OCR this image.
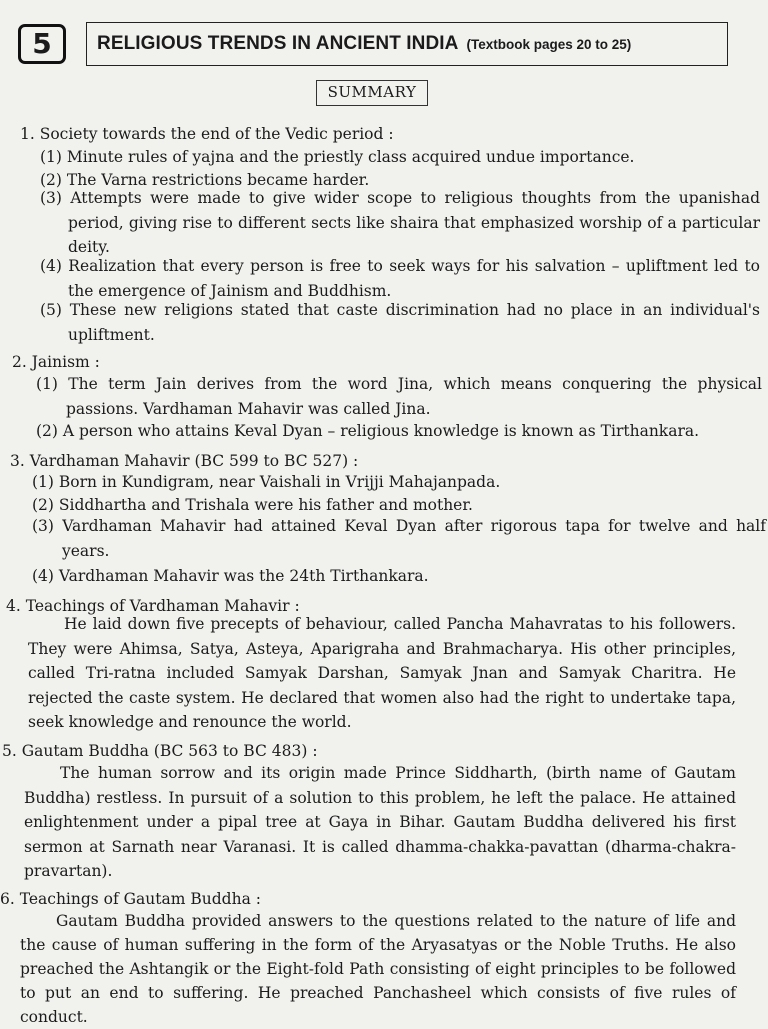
5	RELIGIOUS TRENDS IN ANCIENT INDIA (Textbook pages 20 to 25)
SUMMARY
1. Society towards the end of the Vedic period :
(1) Minute rules of yajna and the priestly class acquired undue importance.
(2) The Varna restrictions became harder.
(3) Attempts were made to give wider scope to religious thoughts from the upanishad period, giving rise to different sects like shaira that emphasized worship of a particular deity.
(4) Realization that every person is free to seek ways for his salvation – upliftment led to the emergence of Jainism and Buddhism.
(5) These new religions stated that caste discrimination had no place in an individual's upliftment.
2. Jainism :
(1) The term Jain derives from the word Jina, which means conquering the physical passions. Vardhaman Mahavir was called Jina.
(2) A person who attains Keval Dyan – religious knowledge is known as Tirthankara.
3. Vardhaman Mahavir (BC 599 to BC 527) :
(1) Born in Kundigram, near Vaishali in Vrijji Mahajanpada.
(2) Siddhartha and Trishala were his father and mother.
(3) Vardhaman Mahavir had attained Keval Dyan after rigorous tapa for twelve and half years.
(4) Vardhaman Mahavir was the 24th Tirthankara.
4. Teachings of Vardhaman Mahavir :
He laid down five precepts of behaviour, called Pancha Mahavratas to his followers. They were Ahimsa, Satya, Asteya, Aparigraha and Brahmacharya. His other principles, called Tri-ratna included Samyak Darshan, Samyak Jnan and Samyak Charitra. He rejected the caste system. He declared that women also had the right to undertake tapa, seek knowledge and renounce the world.
5. Gautam Buddha (BC 563 to BC 483) :
The human sorrow and its origin made Prince Siddharth, (birth name of Gautam Buddha) restless. In pursuit of a solution to this problem, he left the palace. He attained enlightenment under a pipal tree at Gaya in Bihar. Gautam Buddha delivered his first sermon at Sarnath near Varanasi. It is called dhamma-chakka-pavattan (dharma-chakra-pravartan).
6. Teachings of Gautam Buddha :
Gautam Buddha provided answers to the questions related to the nature of life and the cause of human suffering in the form of the Aryasatyas or the Noble Truths. He also preached the Ashtangik or the Eight-fold Path consisting of eight principles to be followed to put an end to suffering. He preached Panchasheel which consists of five rules of conduct.
